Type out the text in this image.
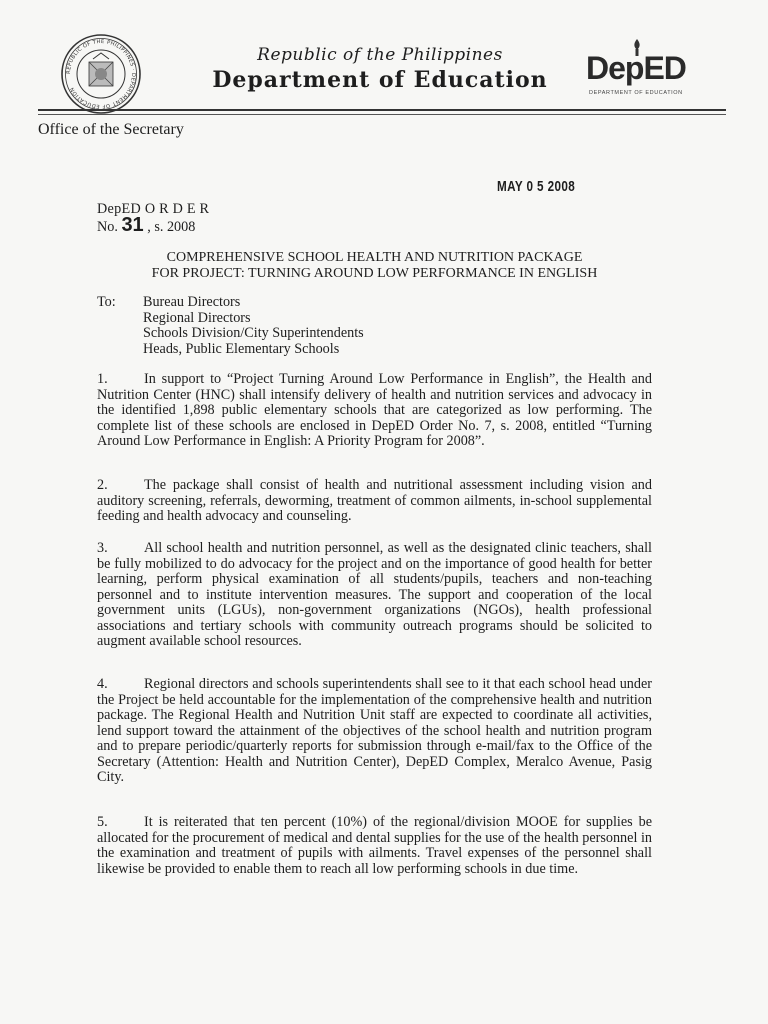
REPUBLIC OF THE PHILIPPINES · DEPARTMENT OF EDUCATION
Republic of the Philippines
Department of Education	DepED
DEPARTMENT OF EDUCATION
Office of the Secretary
MAY 0 5 2008
DepED ORDER
No. 31 , s. 2008
COMPREHENSIVE SCHOOL HEALTH AND NUTRITION PACKAGE
FOR PROJECT: TURNING AROUND LOW PERFORMANCE IN ENGLISH
To: Bureau Directors
Regional Directors
Schools Division/City Superintendents
Heads, Public Elementary Schools
1.	In support to “Project Turning Around Low Performance in English”, the Health and Nutrition Center (HNC) shall intensify delivery of health and nutrition services and advocacy in the identified 1,898 public elementary schools that are categorized as low performing. The complete list of these schools are enclosed in DepED Order No. 7, s. 2008, entitled “Turning Around Low Performance in English: A Priority Program for 2008”.
2.	The package shall consist of health and nutritional assessment including vision and auditory screening, referrals, deworming, treatment of common ailments, in-school supplemental feeding and health advocacy and counseling.
3.	All school health and nutrition personnel, as well as the designated clinic teachers, shall be fully mobilized to do advocacy for the project and on the importance of good health for better learning, perform physical examination of all students/pupils, teachers and non-teaching personnel and to institute intervention measures. The support and cooperation of the local government units (LGUs), non-government organizations (NGOs), health professional associations and tertiary schools with community outreach programs should be solicited to augment available school resources.
4.	Regional directors and schools superintendents shall see to it that each school head under the Project be held accountable for the implementation of the comprehensive health and nutrition package. The Regional Health and Nutrition Unit staff are expected to coordinate all activities, lend support toward the attainment of the objectives of the school health and nutrition program and to prepare periodic/quarterly reports for submission through e-mail/fax to the Office of the Secretary (Attention: Health and Nutrition Center), DepED Complex, Meralco Avenue, Pasig City.
5.	It is reiterated that ten percent (10%) of the regional/division MOOE for supplies be allocated for the procurement of medical and dental supplies for the use of the health personnel in the examination and treatment of pupils with ailments. Travel expenses of the personnel shall likewise be provided to enable them to reach all low performing schools in due time.
